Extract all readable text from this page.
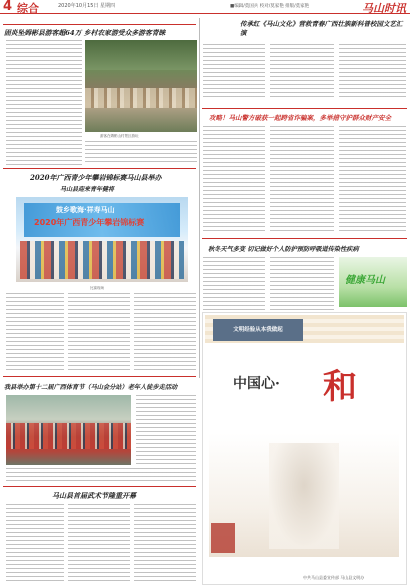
4 综合	2020年10月15日 星期四	■编辑/莫国兵 校对/莫家艳 排版/莫家艳	马山时讯
固炎坠姆彬县游客超64万 乡村农家游受众多游客青睐
游客在姆彬山村景区游玩
2020年广西青少年攀岩锦标赛马山县举办
马山县迎来青年健将
鼓乡歌海·祥寿马山
2020年广西青少年攀岩锦标赛
比赛现场
我县举办第十二届广西体育节（马山会分站）老年人徒步走活动
马山县首届武术节隆重开幕
传承红《马山文化》营救青春广西壮族新科普校园文艺汇演
攻略！马山警方破获一起跨省诈骗案，多举措守护群众财产安全
秋冬天气多变 切记做好个人防护预防呼吸道传染性疾病
健康马山
文明经验从本我做起
中国心· 和
中共马山县委宣传部 马山县文明办
